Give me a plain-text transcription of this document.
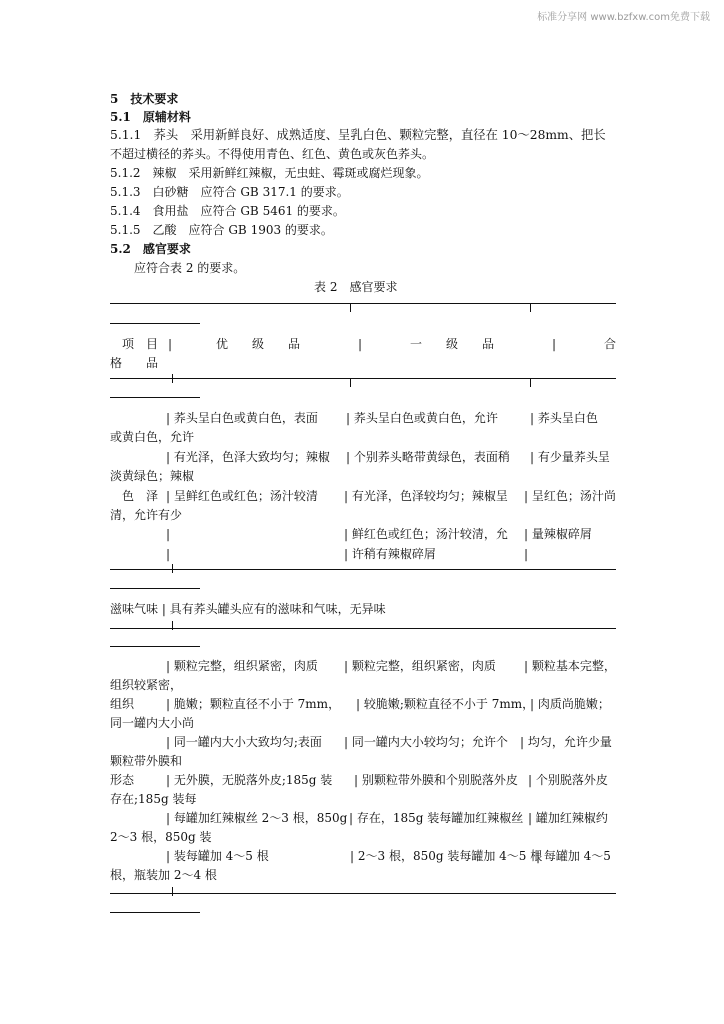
标准分享网 www.bzfxw.com免费下载
5　技术要求
5.1　原辅材料
5.1.1　荞头　采用新鲜良好、成熟适度、呈乳白色、颗粒完整，直径在 10～28mm、把长
不超过横径的荞头。不得使用青色、红色、黄色或灰色荞头。
5.1.2　辣椒　采用新鲜红辣椒，无虫蛀、霉斑或腐烂现象。
5.1.3　白砂糖　应符合 GB 317.1 的要求。
5.1.4　食用盐　应符合 GB 5461 的要求。
5.1.5　乙酸　应符合 GB 1903 的要求。
5.2　感官要求
应符合表 2 的要求。
表 2　感官要求
项　目 |	优　　级　　品	|	一　　级　　品	|	合
格　　品
| 荞头呈白色或黄白色，表面 | 荞头呈白色或黄白色，允许	| 荞头呈白色
或黄白色，允许
| 有光泽，色泽大致均匀；辣椒 | 个别荞头略带黄绿色，表面稍 | 有少量荞头呈
淡黄绿色；辣椒
色　泽 | 呈鲜红色或红色；汤汁较清 | 有光泽，色泽较均匀；辣椒呈 | 呈红色；汤汁尚
清，允许有少
|	| 鲜红色或红色；汤汁较清，允 | 量辣椒碎屑
|	| 许稍有辣椒碎屑	|
滋味气味 | 具有荞头罐头应有的滋味和气味，无异味
| 颗粒完整，组织紧密，肉质 | 颗粒完整，组织紧密，肉质 | 颗粒基本完整，
组织较紧密，
组织	| 脆嫩；颗粒直径不小于 7mm， | 较脆嫩;颗粒直径不小于 7mm，
| 肉质尚脆嫩；
同一罐内大小尚
| 同一罐内大小大致均匀;表面 | 同一罐内大小较均匀；允许个 | 均匀，允许少量
颗粒带外膜和
形态	| 无外膜，无脱落外皮;185g 装 | 别颗粒带外膜和个别脱落外皮 | 个别脱落外皮
存在;185g 装每
| 每罐加红辣椒丝 2～3 根，850g | 存在，185g 装每罐加红辣椒丝 | 罐加红辣椒约
2～3 根，850g 装
| 装每罐加 4～5 根	| 2～3 根，850g 装每罐加 4～5 根
| 每罐加 4～5
根，瓶装加 2～4 根
